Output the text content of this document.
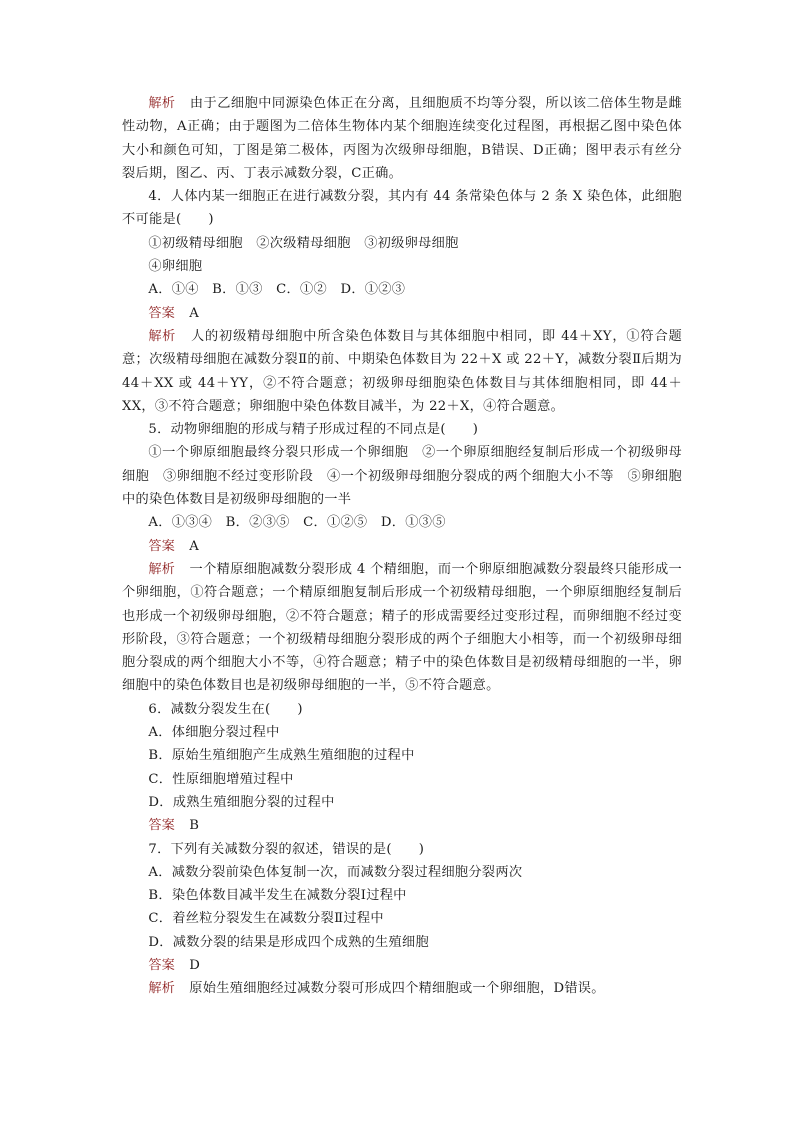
解析 由于乙细胞中同源染色体正在分离，且细胞质不均等分裂，所以该二倍体生物是雌性动物，A正确；由于题图为二倍体生物体内某个细胞连续变化过程图，再根据乙图中染色体大小和颜色可知，丁图是第二极体，丙图为次级卵母细胞，B错误、D正确；图甲表示有丝分裂后期，图乙、丙、丁表示减数分裂，C正确。

4．人体内某一细胞正在进行减数分裂，其内有 44 条常染色体与 2 条 X 染色体，此细胞不可能是(　　)

①初级精母细胞　②次级精母细胞　③初级卵母细胞

④卵细胞

A．①④　B．①③　C．①②　D．①②③

答案 A

解析 人的初级精母细胞中所含染色体数目与其体细胞中相同，即 44＋XY，①符合题意；次级精母细胞在减数分裂Ⅱ的前、中期染色体数目为 22＋X 或 22＋Y，减数分裂Ⅱ后期为 44＋XX 或 44＋YY，②不符合题意；初级卵母细胞染色体数目与其体细胞相同，即 44＋XX，③不符合题意；卵细胞中染色体数目减半，为 22＋X，④符合题意。

5．动物卵细胞的形成与精子形成过程的不同点是(　　)

①一个卵原细胞最终分裂只形成一个卵细胞　②一个卵原细胞经复制后形成一个初级卵母细胞　③卵细胞不经过变形阶段　④一个初级卵母细胞分裂成的两个细胞大小不等　⑤卵细胞中的染色体数目是初级卵母细胞的一半

A．①③④　B．②③⑤　C．①②⑤　D．①③⑤

答案 A

解析 一个精原细胞减数分裂形成 4 个精细胞，而一个卵原细胞减数分裂最终只能形成一个卵细胞，①符合题意；一个精原细胞复制后形成一个初级精母细胞，一个卵原细胞经复制后也形成一个初级卵母细胞，②不符合题意；精子的形成需要经过变形过程，而卵细胞不经过变形阶段，③符合题意；一个初级精母细胞分裂形成的两个子细胞大小相等，而一个初级卵母细胞分裂成的两个细胞大小不等，④符合题意；精子中的染色体数目是初级精母细胞的一半，卵细胞中的染色体数目也是初级卵母细胞的一半，⑤不符合题意。

6．减数分裂发生在(　　)

A．体细胞分裂过程中

B．原始生殖细胞产生成熟生殖细胞的过程中

C．性原细胞增殖过程中

D．成熟生殖细胞分裂的过程中

答案 B

7．下列有关减数分裂的叙述，错误的是(　　)

A．减数分裂前染色体复制一次，而减数分裂过程细胞分裂两次

B．染色体数目减半发生在减数分裂Ⅰ过程中

C．着丝粒分裂发生在减数分裂Ⅱ过程中

D．减数分裂的结果是形成四个成熟的生殖细胞

答案 D

解析 原始生殖细胞经过减数分裂可形成四个精细胞或一个卵细胞，D错误。
